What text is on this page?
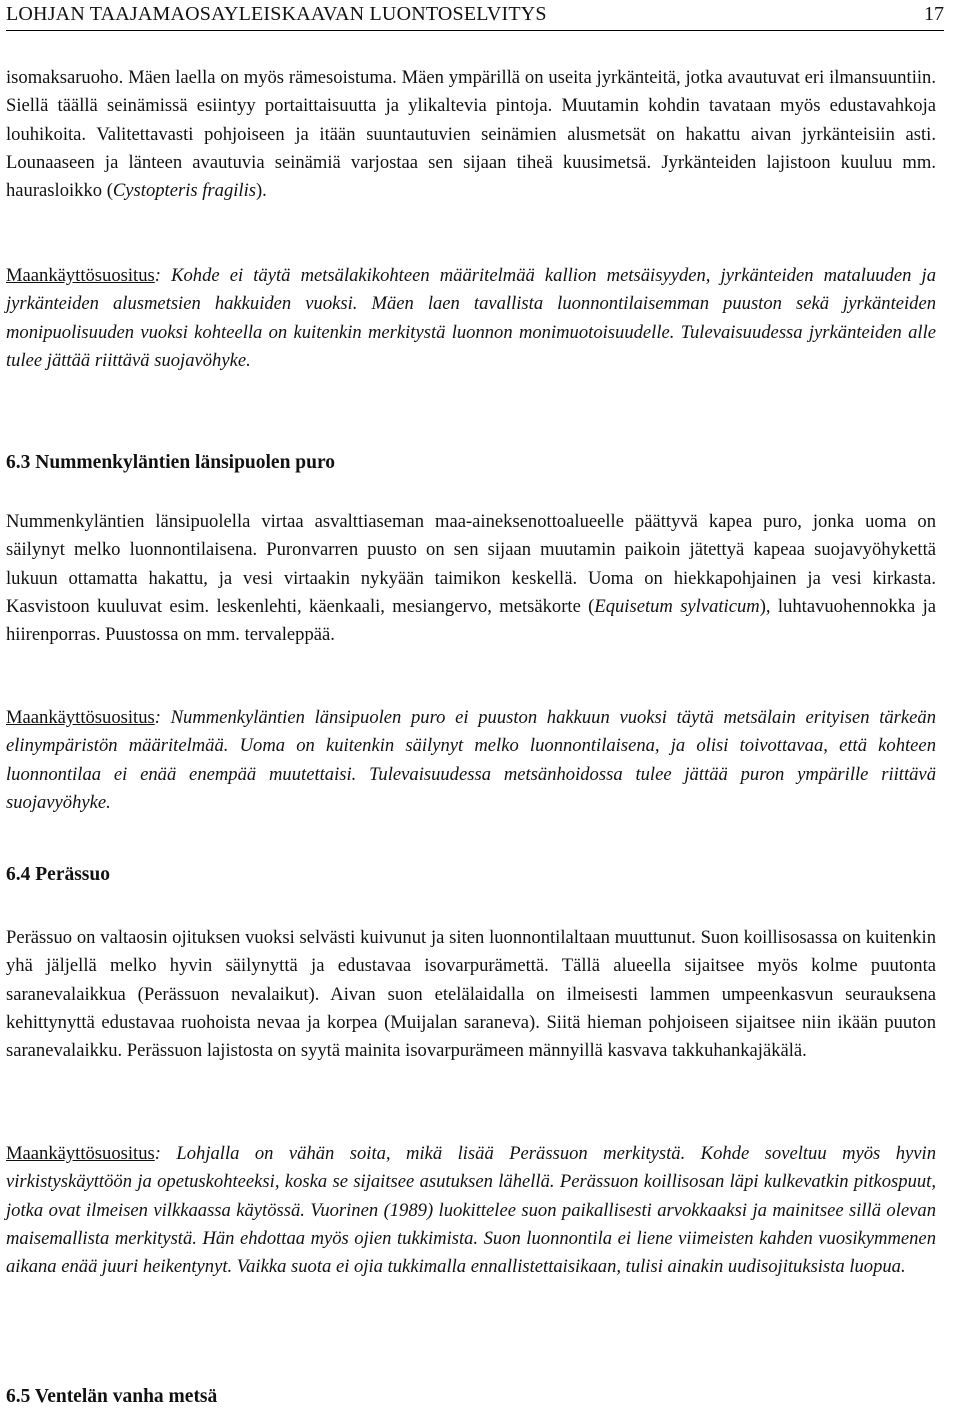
LOHJAN TAAJAMAOSAYLEISKAAVAN LUONTOSELVITYS	17

isomaksaruoho. Mäen laella on myös rämesoistuma. Mäen ympärillä on useita jyrkänteitä, jotka avautuvat eri ilmansuuntiin. Siellä täällä seinämissä esiintyy portaittaisuutta ja ylikaltevia pintoja. Muutamin kohdin tavataan myös edustavahkoja louhikoita. Valitettavasti pohjoiseen ja itään suuntautuvien seinämien alusmetsät on hakattu aivan jyrkänteisiin asti. Lounaaseen ja länteen avautuvia seinämiä varjostaa sen sijaan tiheä kuusimetsä. Jyrkänteiden lajistoon kuuluu mm. haurasloikko (Cystopteris fragilis).

Maankäyttösuositus: Kohde ei täytä metsälakikohteen määritelmää kallion metsäisyyden, jyrkänteiden mataluuden ja jyrkänteiden alusmetsien hakkuiden vuoksi. Mäen laen tavallista luonnontilaisemman puuston sekä jyrkänteiden monipuolisuuden vuoksi kohteella on kuitenkin merkitystä luonnon monimuotoisuudelle. Tulevaisuudessa jyrkänteiden alle tulee jättää riittävä suojavöhyke.

6.3 Nummenkyläntien länsipuolen puro

Nummenkyläntien länsipuolella virtaa asvalttiaseman maa-aineksenottoalueelle päättyvä kapea puro, jonka uoma on säilynyt melko luonnontilaisena. Puronvarren puusto on sen sijaan muutamin paikoin jätettyä kapeaa suojavyöhykettä lukuun ottamatta hakattu, ja vesi virtaakin nykyään taimikon keskellä. Uoma on hiekkapohjainen ja vesi kirkasta. Kasvistoon kuuluvat esim. leskenlehti, käenkaali, mesiangervo, metsäkorte (Equisetum sylvaticum), luhtavuohennokka ja hiirenporras. Puustossa on mm. tervaleppää.

Maankäyttösuositus: Nummenkyläntien länsipuolen puro ei puuston hakkuun vuoksi täytä metsälain erityisen tärkeän elinympäristön määritelmää. Uoma on kuitenkin säilynyt melko luonnontilaisena, ja olisi toivottavaa, että kohteen luonnontilaa ei enää enempää muutettaisi. Tulevaisuudessa metsänhoidossa tulee jättää puron ympärille riittävä suojavyöhyke.

6.4 Perässuo

Perässuo on valtaosin ojituksen vuoksi selvästi kuivunut ja siten luonnontilaltaan muuttunut. Suon koillisosassa on kuitenkin yhä jäljellä melko hyvin säilynyttä ja edustavaa isovarpurämettä. Tällä alueella sijaitsee myös kolme puutonta saranevalaikkua (Perässuon nevalaikut). Aivan suon etelälaidalla on ilmeisesti lammen umpeenkasvun seurauksena kehittynyttä edustavaa ruohoista nevaa ja korpea (Muijalan saraneva). Siitä hieman pohjoiseen sijaitsee niin ikään puuton saranevalaikku. Perässuon lajistosta on syytä mainita isovarpurämeen männyillä kasvava takkuhankajäkälä.

Maankäyttösuositus: Lohjalla on vähän soita, mikä lisää Perässuon merkitystä. Kohde soveltuu myös hyvin virkistyskäyttöön ja opetuskohteeksi, koska se sijaitsee asutuksen lähellä. Perässuon koillisosan läpi kulkevatkin pitkospuut, jotka ovat ilmeisen vilkkaassa käytössä. Vuorinen (1989) luokittelee suon paikallisesti arvokkaaksi ja mainitsee sillä olevan maisemallista merkitystä. Hän ehdottaa myös ojien tukkimista. Suon luonnontila ei liene viimeisten kahden vuosikymmenen aikana enää juuri heikentynyt. Vaikka suota ei ojia tukkimalla ennallistettaisikaan, tulisi ainakin uudisojituksista luopua.

6.5 Ventelän vanha metsä
